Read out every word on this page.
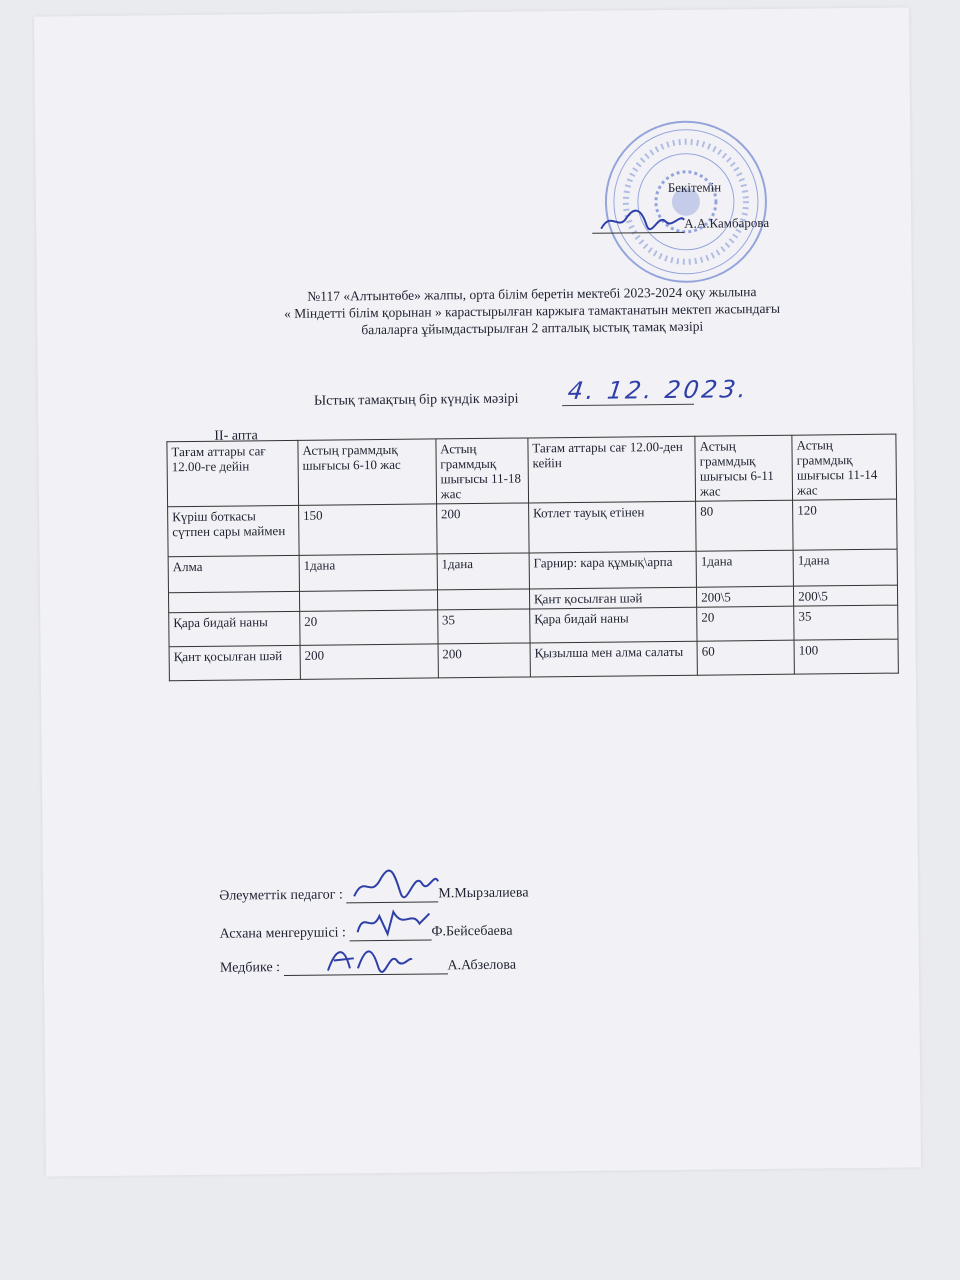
Бекітемін
А.А.Камбарова
№117 «Алтынтөбе» жалпы, орта білім беретін мектебі 2023-2024 оқу жылына
« Міндетті білім қорынан » карастырылған каржыға тамактанатын мектеп жасындағы
балаларға ұйымдастырылған 2 апталық ыстық тамақ мәзірі
Ыстық тамақтың бір күндік мәзірі 4. 12. 2023.
II- апта
Тағам аттары сағ 12.00-ге дейін	Астың граммдық шығысы 6-10 жас	Астың граммдық шығысы 11-18 жас	Тағам аттары сағ 12.00-ден кейін	Астың граммдық шығысы 6-11 жас	Астың граммдық шығысы 11-14 жас
Күріш боткасы сүтпен сары маймен	150	200	Котлет тауық етінен	80	120
Алма	1дана	1дана	Гарнир: кара құмық\арпа	1дана	1дана
			Қант қосылған шәй	200\5	200\5
Қара бидай наны	20	35	Қара бидай наны	20	35
Қант қосылған шәй	200	200	Қызылша мен алма салаты	60	100
Әлеуметтік педагог :	М.Мырзалиева
Асхана менгерушісі :	Ф.Бейсебаева
Медбике :	А.Абзелова
